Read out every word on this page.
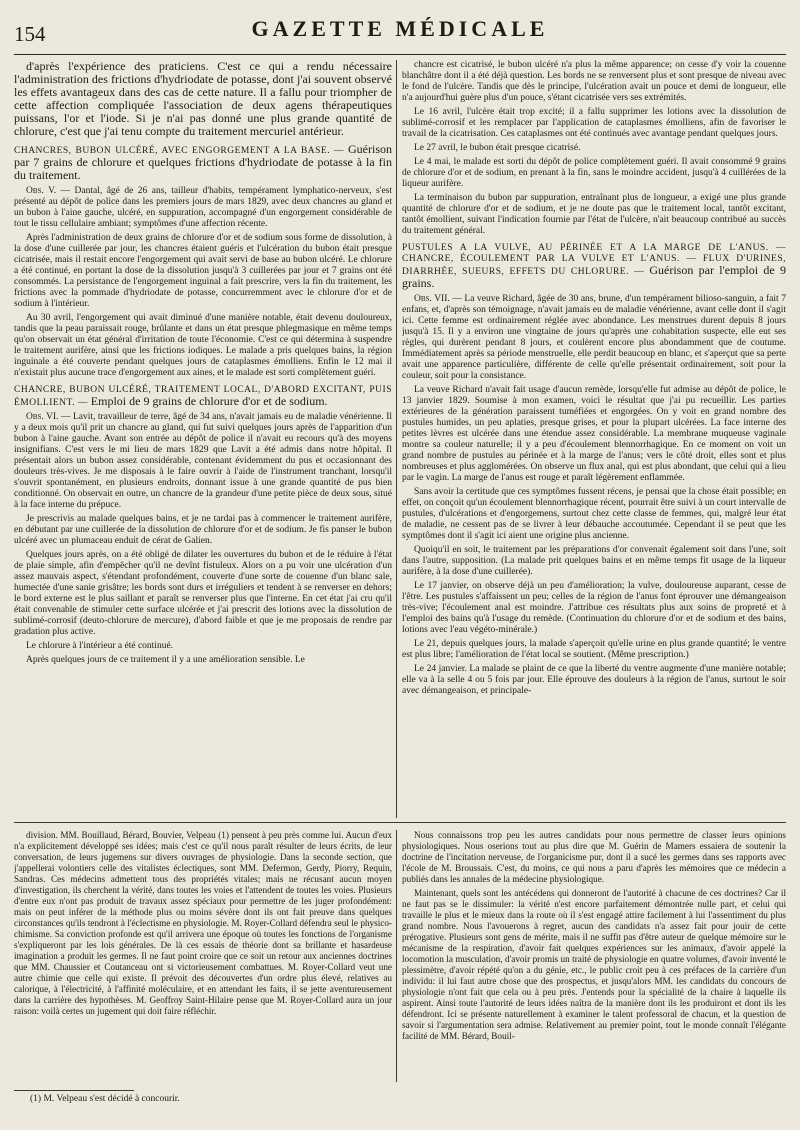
154	GAZETTE MÉDICALE

d'après l'expérience des praticiens. C'est ce qui a rendu nécessaire l'administration des frictions d'hydriodate de potasse, dont j'ai souvent observé les effets avantageux dans des cas de cette nature. Il a fallu pour triompher de cette affection compliquée l'association de deux agens thérapeutiques puissans, l'or et l'iode. Si je n'ai pas donné une plus grande quantité de chlorure, c'est que j'ai tenu compte du traitement mercuriel antérieur.

CHANCRES, BUBON ULCÉRÉ, AVEC ENGORGEMENT A LA BASE. — Guérison par 7 grains de chlorure et quelques frictions d'hydriodate de potasse à la fin du traitement.

Obs. V. — Dantal, âgé de 26 ans, tailleur d'habits, tempérament lymphatico-nerveux, s'est présenté au dépôt de police dans les premiers jours de mars 1829, avec deux chancres au gland et un bubon à l'aine gauche, ulcéré, en suppuration, accompagné d'un engorgement considérable de tout le tissu cellulaire ambiant; symptômes d'une affection récente.

Après l'administration de deux grains de chlorure d'or et de sodium sous forme de dissolution, à la dose d'une cuillerée par jour, les chancres étaient guéris et l'ulcération du bubon était presque cicatrisée, mais il restait encore l'engorgement qui avait servi de base au bubon ulcéré. Le chlorure a été continué, en portant la dose de la dissolution jusqu'à 3 cuillerées par jour et 7 grains ont été consommés. La persistance de l'engorgement inguinal a fait prescrire, vers la fin du traitement, les frictions avec la pommade d'hydriodate de potasse, concurremment avec le chlorure d'or et de sodium à l'intérieur.

Au 30 avril, l'engorgement qui avait diminué d'une manière notable, était devenu douloureux, tandis que la peau paraissait rouge, brûlante et dans un état presque phlegmasique en même temps qu'on observait un état général d'irritation de toute l'économie. C'est ce qui détermina à suspendre le traitement aurifère, ainsi que les frictions iodiques. Le malade a pris quelques bains, la région inguinale a été couverte pendant quelques jours de cataplasmes émolliens. Enfin le 12 mai il n'existait plus aucune trace d'engorgement aux aines, et le malade est sorti complètement guéri.

CHANCRE, BUBON ULCÉRÉ, TRAITEMENT LOCAL, D'ABORD EXCITANT, PUIS ÉMOLLIENT. — Emploi de 9 grains de chlorure d'or et de sodium.

Obs. VI. — Lavit, travailleur de terre, âgé de 34 ans, n'avait jamais eu de maladie vénérienne. Il y a deux mois qu'il prit un chancre au gland, qui fut suivi quelques jours après de l'apparition d'un bubon à l'aine gauche. Avant son entrée au dépôt de police il n'avait eu recours qu'à des moyens insignifians. C'est vers le mi lieu de mars 1829 que Lavit a été admis dans notre hôpital. Il présentait alors un bubon assez considérable, contenant évidemment du pus et occasionnant des douleurs très-vives. Je me disposais à le faire ouvrir à l'aide de l'instrument tranchant, lorsqu'il s'ouvrit spontanément, en plusieurs endroits, donnant issue à une grande quantité de pus bien conditionné. On observait en outre, un chancre de la grandeur d'une petite pièce de deux sous, situé à la face interne du prépuce.

Je prescrivis au malade quelques bains, et je ne tardai pas à commencer le traitement aurifère, en débutant par une cuillerée de la dissolution de chlorure d'or et de sodium. Je fis panser le bubon ulcéré avec un plumaceau enduit de cérat de Galien.

Quelques jours après, on a été obligé de dilater les ouvertures du bubon et de le réduire à l'état de plaie simple, afin d'empêcher qu'il ne devînt fistuleux. Alors on a pu voir une ulcération d'un assez mauvais aspect, s'étendant profondément, couverte d'une sorte de couenne d'un blanc sale, humectée d'une sanie grisâtre; les bords sont durs et irréguliers et tendent à se renverser en dehors; le bord externe est le plus saillant et paraît se renverser plus que l'interne. En cet état j'ai cru qu'il était convenable de stimuler cette surface ulcérée et j'ai prescrit des lotions avec la dissolution de sublimé-corrosif (deuto-chlorure de mercure), d'abord faible et que je me proposais de rendre par gradation plus active.

Le chlorure à l'intérieur a été continué.

Après quelques jours de ce traitement il y a une amélioration sensible. Le

chancre est cicatrisé, le bubon ulcéré n'a plus la même apparence; on cesse d'y voir la couenne blanchâtre dont il a été déjà question. Les bords ne se renversent plus et sont presque de niveau avec le fond de l'ulcère. Tandis que dès le principe, l'ulcération avait un pouce et demi de longueur, elle n'a aujourd'hui guère plus d'un pouce, s'étant cicatrisée vers ses extrémités.

Le 16 avril, l'ulcère était trop excité; il a fallu supprimer les lotions avec la dissolution de sublimé-corrosif et les remplacer par l'application de cataplasmes émolliens, afin de favoriser le travail de la cicatrisation. Ces cataplasmes ont été continués avec avantage pendant quelques jours.

Le 27 avril, le bubon était presque cicatrisé.

Le 4 mai, le malade est sorti du dépôt de police complètement guéri. Il avait consommé 9 grains de chlorure d'or et de sodium, en prenant à la fin, sans le moindre accident, jusqu'à 4 cuillérées de la liqueur aurifère.

La terminaison du bubon par suppuration, entraînant plus de longueur, a exigé une plus grande quantité de chlorure d'or et de sodium, et je ne doute pas que le traitement local, tantôt excitant, tantôt émollient, suivant l'indication fournie par l'état de l'ulcère, n'ait beaucoup contribué au succès du traitement général.

PUSTULES A LA VULVE, AU PÉRINÉE ET A LA MARGE DE L'ANUS. — CHANCRE, ÉCOULEMENT PAR LA VULVE ET L'ANUS. — FLUX D'URINES, DIARRHÉE, SUEURS, EFFETS DU CHLORURE. — Guérison par l'emploi de 9 grains.

Obs. VII. — La veuve Richard, âgée de 30 ans, brune, d'un tempérament bilioso-sanguin, a fait 7 enfans, et, d'après son témoignage, n'avait jamais eu de maladie vénérienne, avant celle dont il s'agit ici. Cette femme est ordinairement réglée avec abondance. Les menstrues durent depuis 8 jours jusqu'à 15. Il y a environ une vingtaine de jours qu'après une cohabitation suspecte, elle eut ses règles, qui durèrent pendant 8 jours, et coulèrent encore plus abondamment que de coutume. Immédiatement après sa période menstruelle, elle perdit beaucoup en blanc, et s'aperçut que sa perte avait une apparence particulière, différente de celle qu'elle présentait ordinairement, soit pour la couleur, soit pour la consistance.

La veuve Richard n'avait fait usage d'aucun remède, lorsqu'elle fut admise au dépôt de police, le 13 janvier 1829. Soumise à mon examen, voici le résultat que j'ai pu recueillir. Les parties extérieures de la génération paraissent tuméfiées et engorgées. On y voit en grand nombre des pustules humides, un peu aplaties, presque grises, et pour la plupart ulcérées. La face interne des petites lèvres est ulcérée dans une étendue assez considérable. La membrane muqueuse vaginale montre sa couleur naturelle; il y a peu d'écoulement blennorrhagique. En ce moment on voit un grand nombre de pustules au périnée et à la marge de l'anus; vers le côté droit, elles sont et plus nombreuses et plus agglomérées. On observe un flux anal, qui est plus abondant, que celui qui a lieu par le vagin. La marge de l'anus est rouge et paraît légèrement enflammée.

Sans avoir la certitude que ces symptômes fussent récens, je pensai que la chose était possible; en effet, on conçoit qu'un écoulement blennorrhagique récent, pourrait être suivi à un court intervalle de pustules, d'ulcérations et d'engorgemens, surtout chez cette classe de femmes, qui, malgré leur état de maladie, ne cessent pas de se livrer à leur débauche accoutumée. Cependant il se peut que les symptômes dont il s'agit ici aient une origine plus ancienne.

Quoiqu'il en soit, le traitement par les préparations d'or convenait également soit dans l'une, soit dans l'autre, supposition. (La malade prit quelques bains et en même temps fit usage de la liqueur aurifère, à la dose d'une cuillerée).

Le 17 janvier, on observe déjà un peu d'amélioration; la vulve, douloureuse auparant, cesse de l'être. Les pustules s'affaissent un peu; celles de la région de l'anus font éprouver une démangeaison très-vive; l'écoulement anal est moindre. J'attribue ces résultats plus aux soins de propreté et à l'emploi des bains qu'à l'usage du remède. (Continuation du chlorure d'or et de sodium et des bains, lotions avec l'eau végéto-minérale.)

Le 21, depuis quelques jours, la malade s'aperçoit qu'elle urine en plus grande quantité; le ventre est plus libre; l'amélioration de l'état local se soutient. (Même prescription.)

Le 24 janvier. La malade se plaint de ce que la liberté du ventre augmente d'une manière notable; elle va à la selle 4 ou 5 fois par jour. Elle éprouve des douleurs à la région de l'anus, surtout le soir avec démangeaison, et principale-

division. MM. Bouillaud, Bérard, Bouvier, Velpeau (1) pensent à peu près comme lui. Aucun d'eux n'a explicitement développé ses idées; mais c'est ce qu'il nous paraît résulter de leurs écrits, de leur conversation, de leurs jugemens sur divers ouvrages de physiologie. Dans la seconde section, que j'appellerai volontiers celle des vitalistes éclectiques, sont MM. Defermon, Gerdy, Piorry, Requin, Sandras. Ces médecins admettent tous des propriétés vitales; mais ne récusant aucun moyen d'investigation, ils cherchent la vérité, dans toutes les voies et l'attendent de toutes les voies. Plusieurs d'entre eux n'ont pas produit de travaux assez spéciaux pour permettre de les juger profondément: mais on peut inférer de la méthode plus ou moins sévère dont ils ont fait preuve dans quelques circonstances qu'ils tendront à l'éclectisme en physiologie. M. Royer-Collard défendra seul le physico-chimisme. Sa conviction profonde est qu'il arrivera une époque où toutes les fonctions de l'organisme s'expliqueront par les lois générales. De là ces essais de théorie dont sa brillante et hasardeuse imagination a produit les germes. Il ne faut point croire que ce soit un retour aux anciennes doctrines que MM. Chaussier et Coutanceau ont si victorieusement combattues. M. Royer-Collard veut une autre chimie que celle qui existe. Il prévoit des découvertes d'un ordre plus élevé, relatives au calorique, à l'électricité, à l'affinité moléculaire, et en attendant les faits, il se jette aventureusement dans la carrière des hypothèses. M. Geoffroy Saint-Hilaire pense que M. Royer-Collard aura un jour raison: voilà certes un jugement qui doit faire réfléchir.

Nous connaissons trop peu les autres candidats pour nous permettre de classer leurs opinions physiologiques. Nous oserions tout au plus dire que M. Guérin de Mamers essaiera de soutenir la doctrine de l'incitation nerveuse, de l'organicisme pur, dont il a sucé les germes dans ses rapports avec l'école de M. Broussais. C'est, du moins, ce qui nous a paru d'après les mémoires que ce médecin a publiés dans les annales de la médecine physiologique.

Maintenant, quels sont les antécédens qui donneront de l'autorité à chacune de ces doctrines? Car il ne faut pas se le dissimuler: la vérité n'est encore parfaitement démontrée nulle part, et celui qui travaille le plus et le mieux dans la route où il s'est engagé attire facilement à lui l'assentiment du plus grand nombre. Nous l'avouerons à regret, aucun des candidats n'a assez fait pour jouir de cette prérogative. Plusieurs sont gens de mérite, mais il ne suffit pas d'être auteur de quelque mémoire sur le mécanisme de la respiration, d'avoir fait quelques expériences sur les animaux, d'avoir appelé la locomotion la musculation, d'avoir promis un traité de physiologie en quatre volumes, d'avoir inventé le plessimètre, d'avoir répété qu'on a du génie, etc., le public croit peu à ces préfaces de la carrière d'un individu: il lui faut autre chose que des prospectus, et jusqu'alors MM. les candidats du concours de physiologie n'ont fait que cela ou à peu près. J'entends pour la spécialité de la chaire à laquelle ils aspirent. Ainsi toute l'autorité de leurs idées naîtra de la manière dont ils les produiront et dont ils les défendront. Ici se présente naturellement à examiner le talent professoral de chacun, et la question de savoir si l'argumentation sera admise. Relativement au premier point, tout le monde connaît l'élégante facilité de MM. Bérard, Bouil-

(1) M. Velpeau s'est décidé à concourir.
